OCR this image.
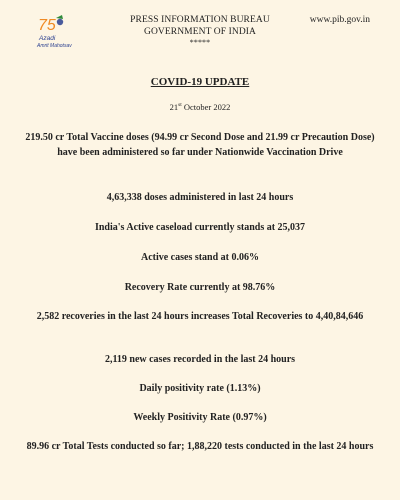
75
Azadi
Amrit Mahotsav
PRESS INFORMATION BUREAU
GOVERNMENT OF INDIA
*****
www.pib.gov.in
COVID-19 UPDATE
21st October 2022
219.50 cr Total Vaccine doses (94.99 cr Second Dose and 21.99 cr Precaution Dose) have been administered so far under Nationwide Vaccination Drive
4,63,338 doses administered in last 24 hours
India's Active caseload currently stands at 25,037
Active cases stand at 0.06%
Recovery Rate currently at 98.76%
2,582 recoveries in the last 24 hours increases Total Recoveries to 4,40,84,646
2,119 new cases recorded in the last 24 hours
Daily positivity rate (1.13%)
Weekly Positivity Rate (0.97%)
89.96 cr Total Tests conducted so far; 1,88,220 tests conducted in the last 24 hours
